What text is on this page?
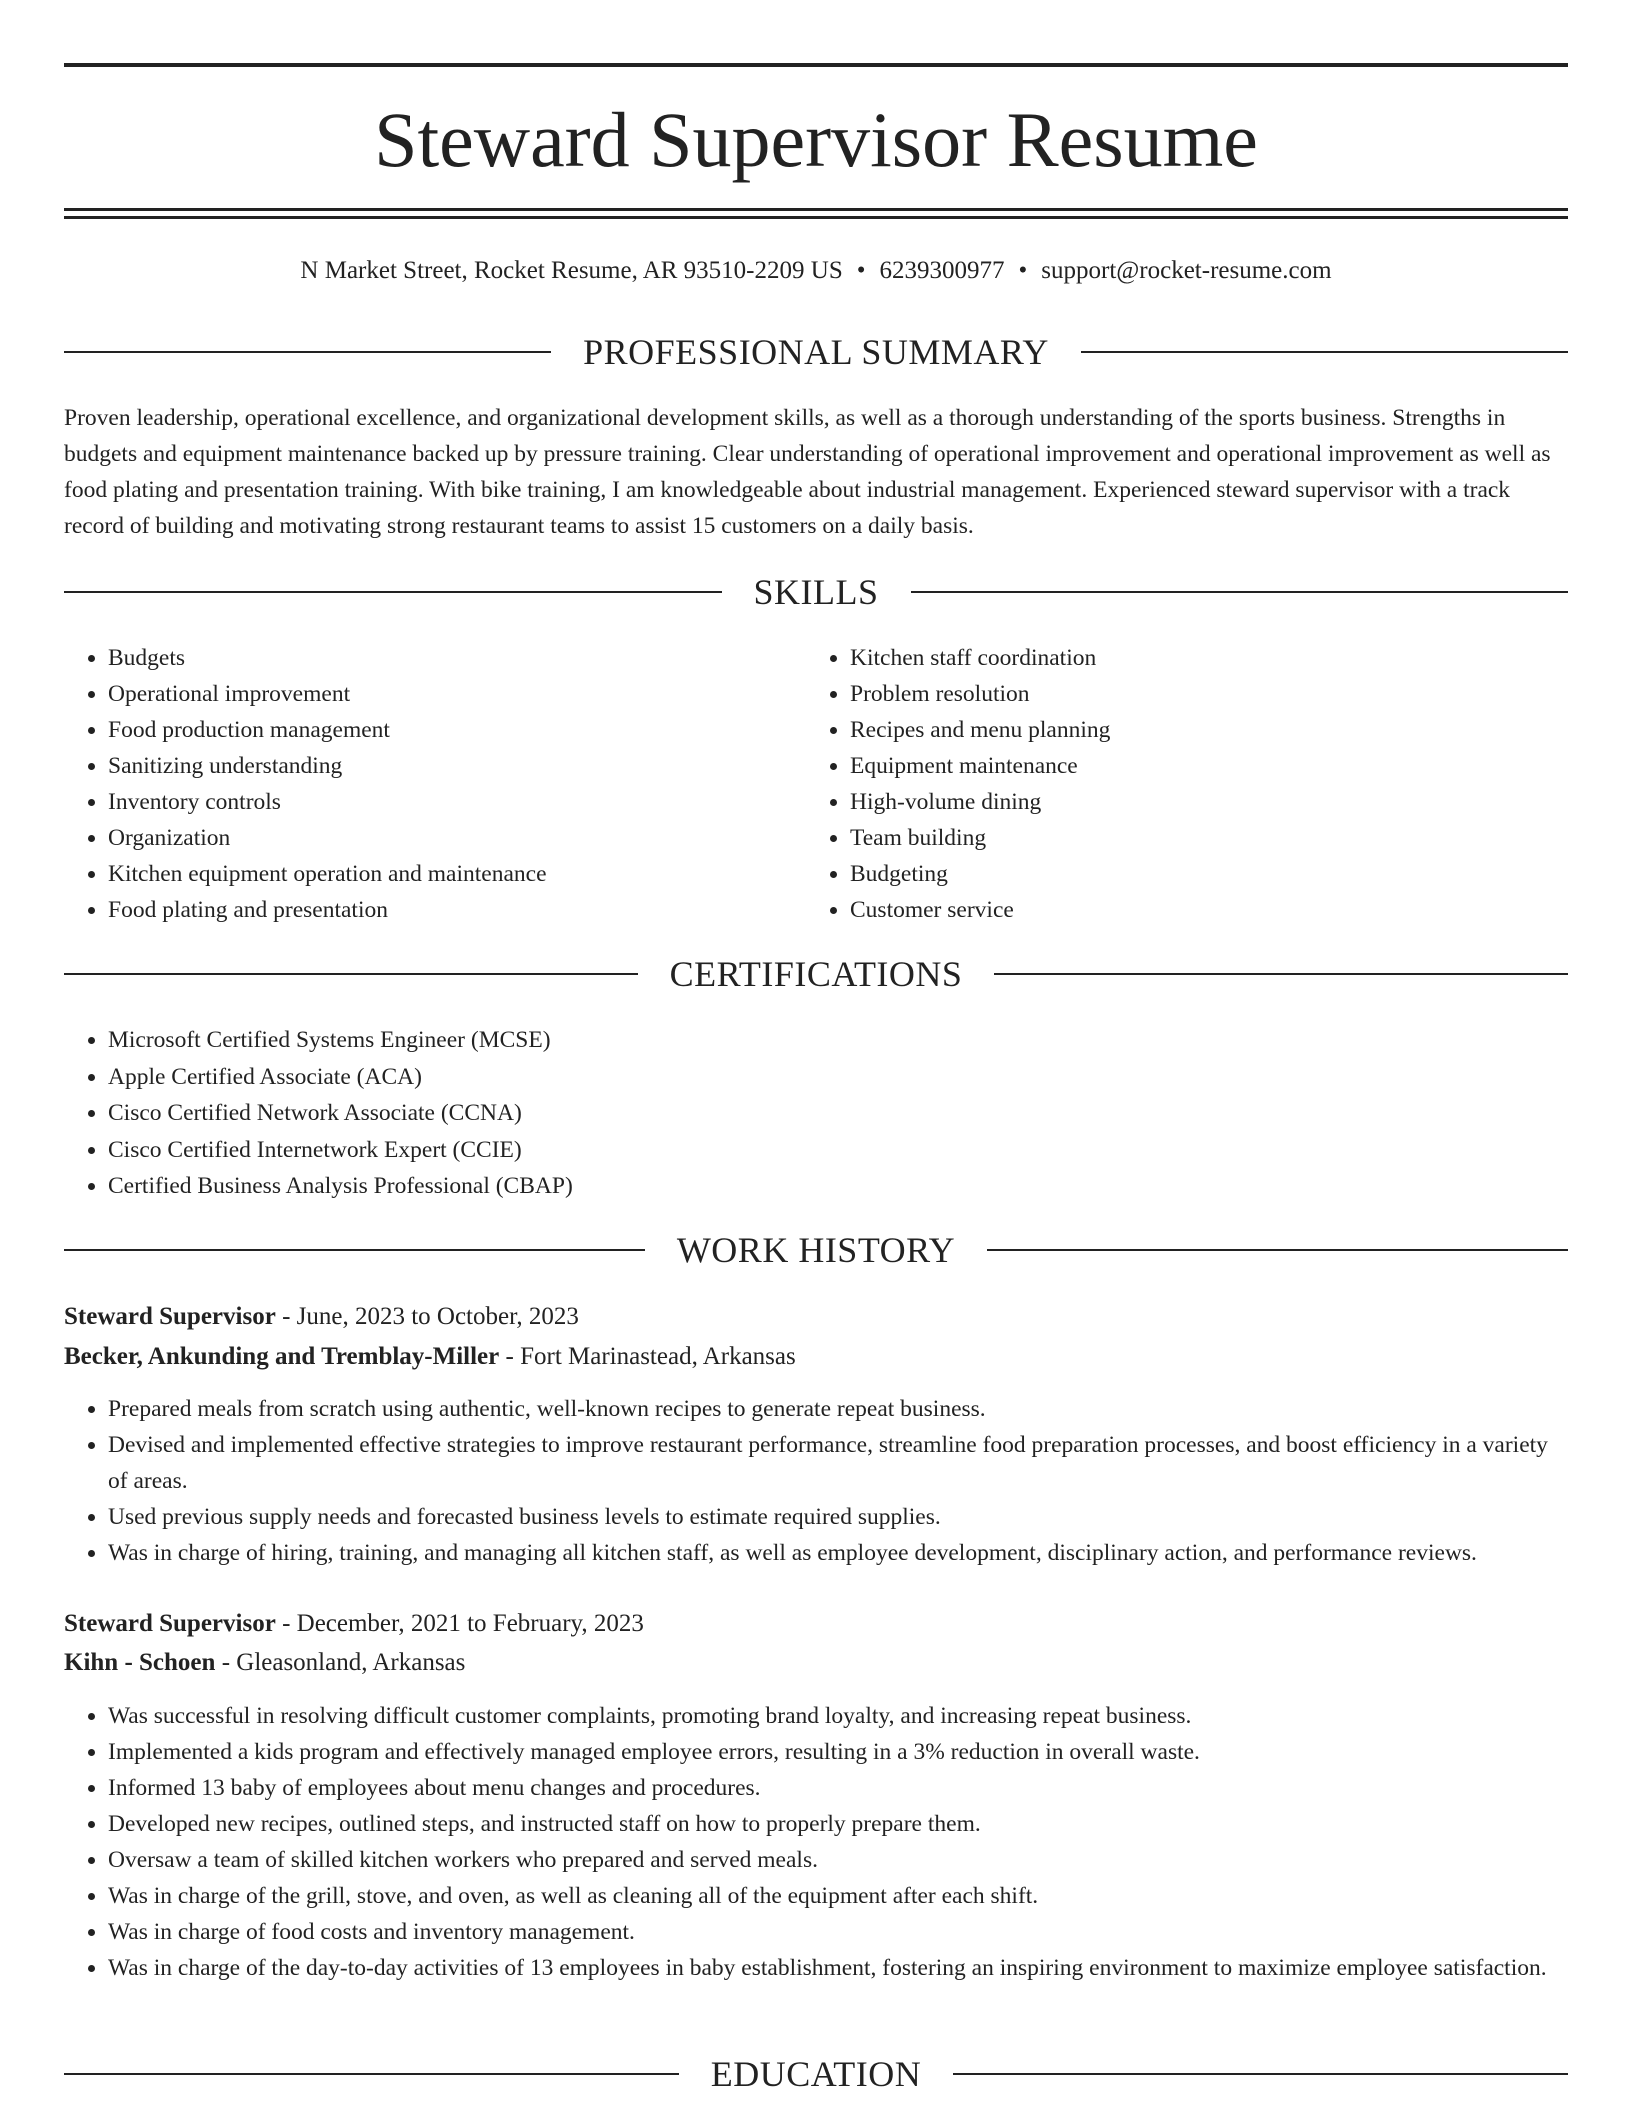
Steward Supervisor Resume
N Market Street, Rocket Resume, AR 93510-2209 US • 6239300977 • support@rocket-resume.com
PROFESSIONAL SUMMARY

Proven leadership, operational excellence, and organizational development skills, as well as a thorough understanding of the sports business. Strengths in budgets and equipment maintenance backed up by pressure training. Clear understanding of operational improvement and operational improvement as well as food plating and presentation training. With bike training, I am knowledgeable about industrial management. Experienced steward supervisor with a track record of building and motivating strong restaurant teams to assist 15 customers on a daily basis.

SKILLS
• Budgets
• Operational improvement
• Food production management
• Sanitizing understanding
• Inventory controls
• Organization
• Kitchen equipment operation and maintenance
• Food plating and presentation
• Kitchen staff coordination
• Problem resolution
• Recipes and menu planning
• Equipment maintenance
• High-volume dining
• Team building
• Budgeting
• Customer service
CERTIFICATIONS
• Microsoft Certified Systems Engineer (MCSE)
• Apple Certified Associate (ACA)
• Cisco Certified Network Associate (CCNA)
• Cisco Certified Internetwork Expert (CCIE)
• Certified Business Analysis Professional (CBAP)
WORK HISTORY
Steward Supervisor - June, 2023 to October, 2023
Becker, Ankunding and Tremblay-Miller - Fort Marinastead, Arkansas
• Prepared meals from scratch using authentic, well-known recipes to generate repeat business.
• Devised and implemented effective strategies to improve restaurant performance, streamline food preparation processes, and boost efficiency in a variety of areas.
• Used previous supply needs and forecasted business levels to estimate required supplies.
• Was in charge of hiring, training, and managing all kitchen staff, as well as employee development, disciplinary action, and performance reviews.
Steward Supervisor - December, 2021 to February, 2023
Kihn - Schoen - Gleasonland, Arkansas
• Was successful in resolving difficult customer complaints, promoting brand loyalty, and increasing repeat business.
• Implemented a kids program and effectively managed employee errors, resulting in a 3% reduction in overall waste.
• Informed 13 baby of employees about menu changes and procedures.
• Developed new recipes, outlined steps, and instructed staff on how to properly prepare them.
• Oversaw a team of skilled kitchen workers who prepared and served meals.
• Was in charge of the grill, stove, and oven, as well as cleaning all of the equipment after each shift.
• Was in charge of food costs and inventory management.
• Was in charge of the day-to-day activities of 13 employees in baby establishment, fostering an inspiring environment to maximize employee satisfaction.
EDUCATION
